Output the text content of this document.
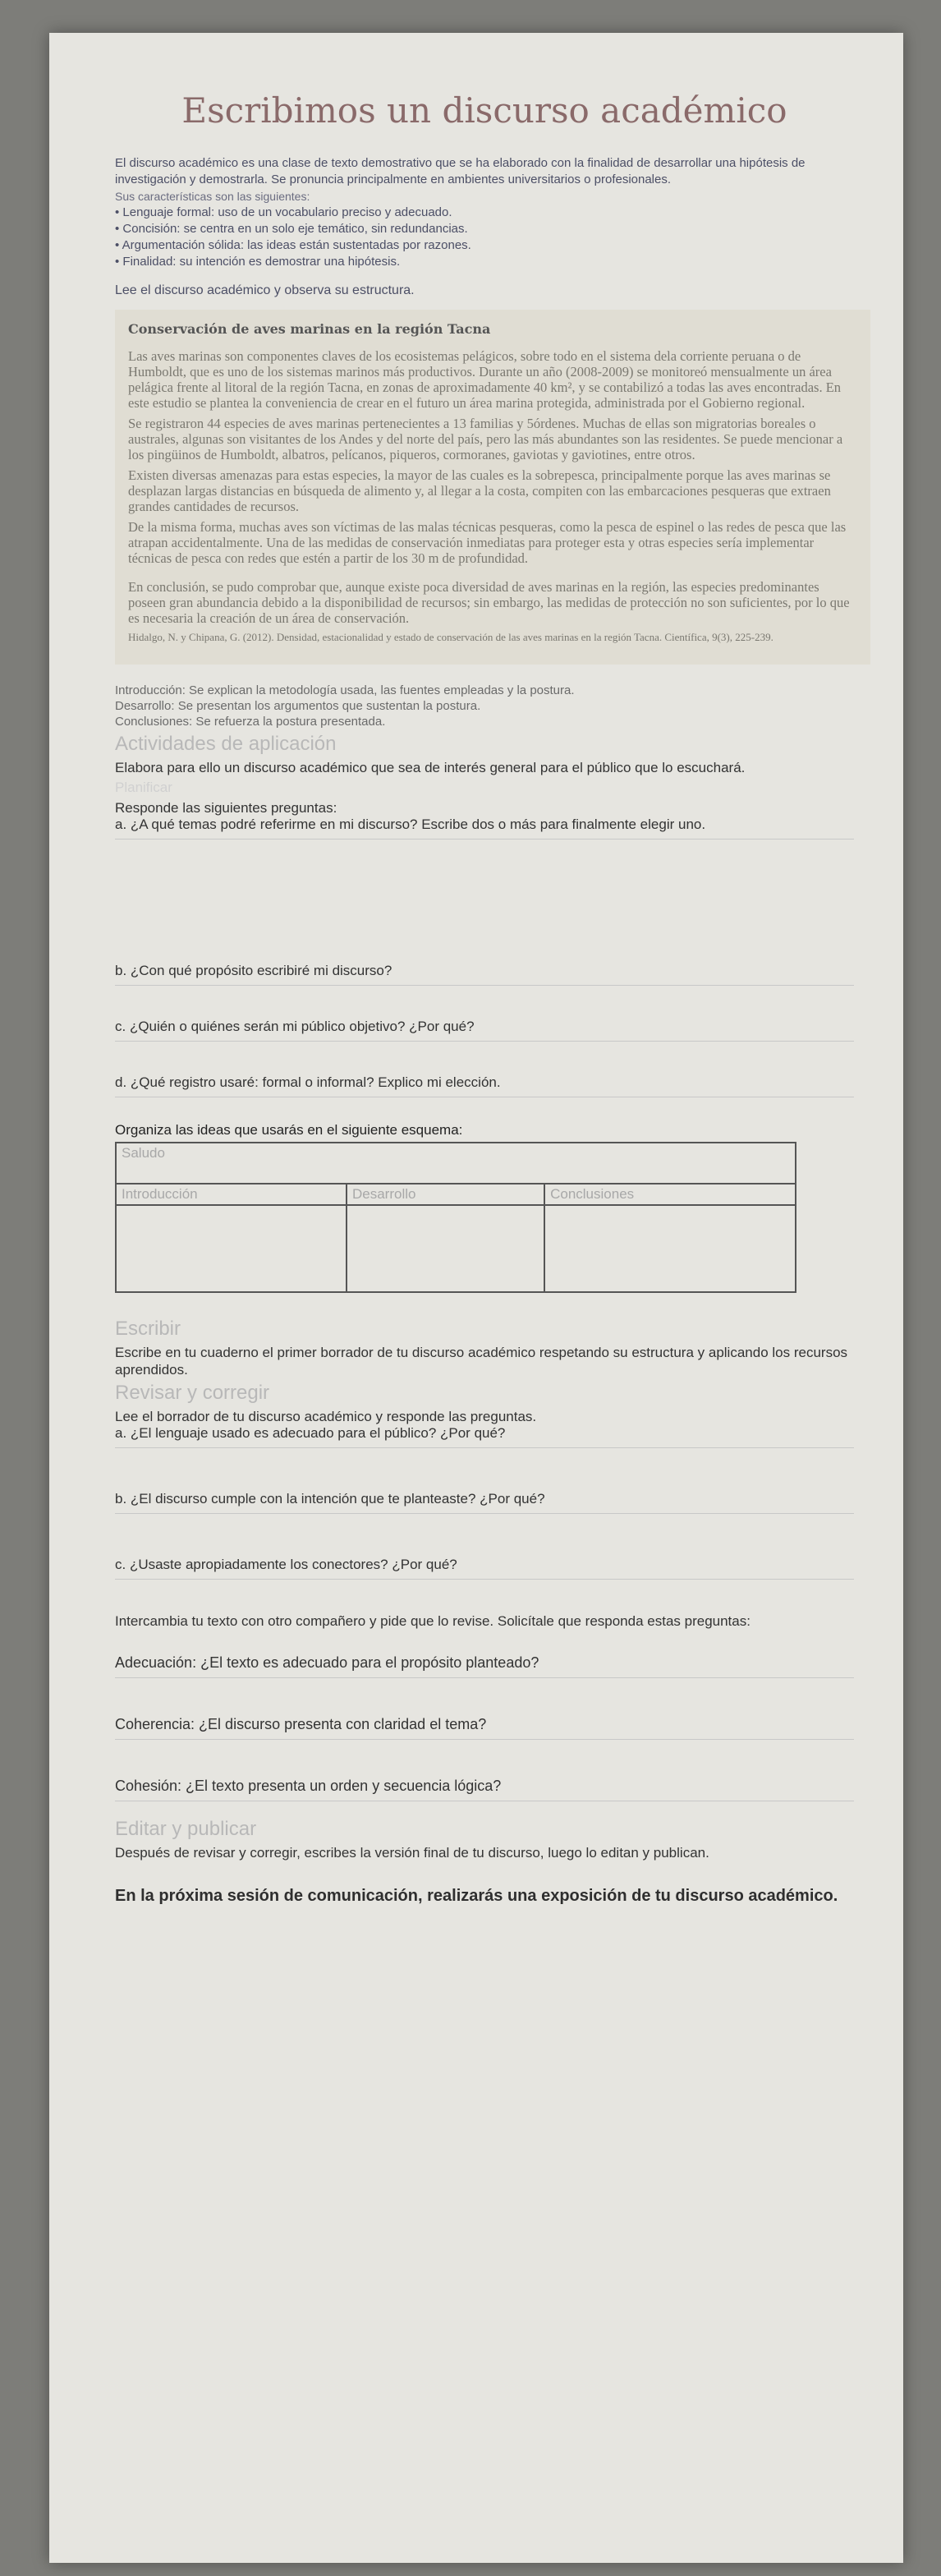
Escribimos un discurso académico

El discurso académico es una clase de texto demostrativo que se ha elaborado con la finalidad de desarrollar una hipótesis de investigación y demostrarla. Se pronuncia principalmente en ambientes universitarios o profesionales.

Sus características son las siguientes:

• Lenguaje formal: uso de un vocabulario preciso y adecuado.
• Concisión: se centra en un solo eje temático, sin redundancias.
• Argumentación sólida: las ideas están sustentadas por razones.
• Finalidad: su intención es demostrar una hipótesis.
Lee el discurso académico y observa su estructura.
Conservación de aves marinas en la región Tacna

Las aves marinas son componentes claves de los ecosistemas pelágicos, sobre todo en el sistema dela corriente peruana o de Humboldt, que es uno de los sistemas marinos más productivos. Durante un año (2008-2009) se monitoreó mensualmente un área pelágica frente al litoral de la región Tacna, en zonas de aproximadamente 40 km², y se contabilizó a todas las aves encontradas. En este estudio se plantea la conveniencia de crear en el futuro un área marina protegida, administrada por el Gobierno regional.

Se registraron 44 especies de aves marinas pertenecientes a 13 familias y 5órdenes. Muchas de ellas son migratorias boreales o australes, algunas son visitantes de los Andes y del norte del país, pero las más abundantes son las residentes. Se puede mencionar a los pingüinos de Humboldt, albatros, pelícanos, piqueros, cormoranes, gaviotas y gaviotines, entre otros.

Existen diversas amenazas para estas especies, la mayor de las cuales es la sobrepesca, principalmente porque las aves marinas se desplazan largas distancias en búsqueda de alimento y, al llegar a la costa, compiten con las embarcaciones pesqueras que extraen grandes cantidades de recursos.

De la misma forma, muchas aves son víctimas de las malas técnicas pesqueras, como la pesca de espinel o las redes de pesca que las atrapan accidentalmente. Una de las medidas de conservación inmediatas para proteger esta y otras especies sería implementar técnicas de pesca con redes que estén a partir de los 30 m de profundidad.

En conclusión, se pudo comprobar que, aunque existe poca diversidad de aves marinas en la región, las especies predominantes poseen gran abundancia debido a la disponibilidad de recursos; sin embargo, las medidas de protección no son suficientes, por lo que es necesaria la creación de un área de conservación.

Hidalgo, N. y Chipana, G. (2012). Densidad, estacionalidad y estado de conservación de las aves marinas en la región Tacna. Científica, 9(3), 225-239.

Introducción: Se explican la metodología usada, las fuentes empleadas y la postura.

Desarrollo: Se presentan los argumentos que sustentan la postura.

Conclusiones: Se refuerza la postura presentada.

Actividades de aplicación

Elabora para ello un discurso académico que sea de interés general para el público que lo escuchará.

Planificar

Responde las siguientes preguntas:

a. ¿A qué temas podré referirme en mi discurso? Escribe dos o más para finalmente elegir uno.

b. ¿Con qué propósito escribiré mi discurso?

c. ¿Quién o quiénes serán mi público objetivo? ¿Por qué?

d. ¿Qué registro usaré: formal o informal? Explico mi elección.

Organiza las ideas que usarás en el siguiente esquema:
Saludo		
Introducción	Desarrollo	Conclusiones

Escribir

Escribe en tu cuaderno el primer borrador de tu discurso académico respetando su estructura y aplicando los recursos aprendidos.

Revisar y corregir

Lee el borrador de tu discurso académico y responde las preguntas.

a. ¿El lenguaje usado es adecuado para el público? ¿Por qué?

b. ¿El discurso cumple con la intención que te planteaste? ¿Por qué?

c. ¿Usaste apropiadamente los conectores? ¿Por qué?

Intercambia tu texto con otro compañero y pide que lo revise. Solicítale que responda estas preguntas:

Adecuación: ¿El texto es adecuado para el propósito planteado?

Coherencia: ¿El discurso presenta con claridad el tema?

Cohesión: ¿El texto presenta un orden y secuencia lógica?

Editar y publicar

Después de revisar y corregir, escribes la versión final de tu discurso, luego lo editan y publican.

En la próxima sesión de comunicación, realizarás una exposición de tu discurso académico.
